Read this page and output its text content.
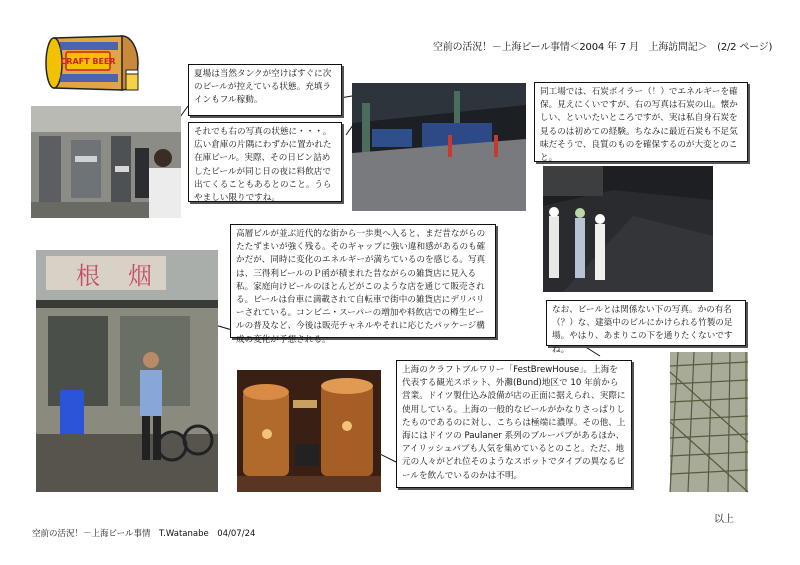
空前の活況！－上海ビール事情＜2004 年 7 月　上海訪問記＞　(2/2 ページ)
CRAFT BEER
根 烟
夏場は当然タンクが空けばすぐに次のビールが控えている状態。充填ラインもフル稼動。
それでも右の写真の状態に・・・。広い倉庫の片隅にわずかに置かれた在庫ビール。実際、その日ビン詰めしたビールが同じ日の夜に料飲店で出てくることもあるとのこと。うらやましい限りですね。
同工場では、石炭ボイラー（！）でエネルギーを確保。見えにくいですが、右の写真は石炭の山。懐かしい、といいたいところですが、実は私自身石炭を見るのは初めての経験。ちなみに最近石炭も不足気味だそうで、良質のものを確保するのが大変とのこと。
高層ビルが並ぶ近代的な街から一歩奥へ入ると、まだ昔ながらのたたずまいが強く残る。そのギャップに強い違和感があるのも確かだが、同時に変化のエネルギーが満ちているのを感じる。写真は、三得利ビールのＰ函が積まれた昔ながらの雑貨店に見入る私。家庭向けビールのほとんどがこのような店を通じて販売される。ビールは台車に満載されて自転車で街中の雑貨店にデリバリーされている。コンビニ・スーパーの増加や料飲店での樽生ビールの普及など、今後は販売チャネルやそれに応じたパッケージ構成の変化が予想される。
なお、ビールとは関係ない下の写真。かの有名（？）な、建築中のビルにかけられる竹製の足場。やはり、あまりこの下を通りたくないですね。
上海のクラフトブルワリー「FestBrewHouse」。上海を代表する観光スポット、外灘(Bund)地区で 10 年前から営業。ドイツ製仕込み設備が店の正面に据えられ、実際に使用している。上海の一般的なビールがかなりさっぱりしたものであるのに対し、こちらは極端に濃厚。その他、上海にはドイツの Paulaner 系列のブルーパブがあるほか、アイリッシュパブも人気を集めているとのこと。ただ、地元の人々がどれ位そのようなスポットでタイプの異なるビールを飲んでいるのかは不明。
以上
空前の活況！－上海ビール事情　T.Watanabe　04/07/24
